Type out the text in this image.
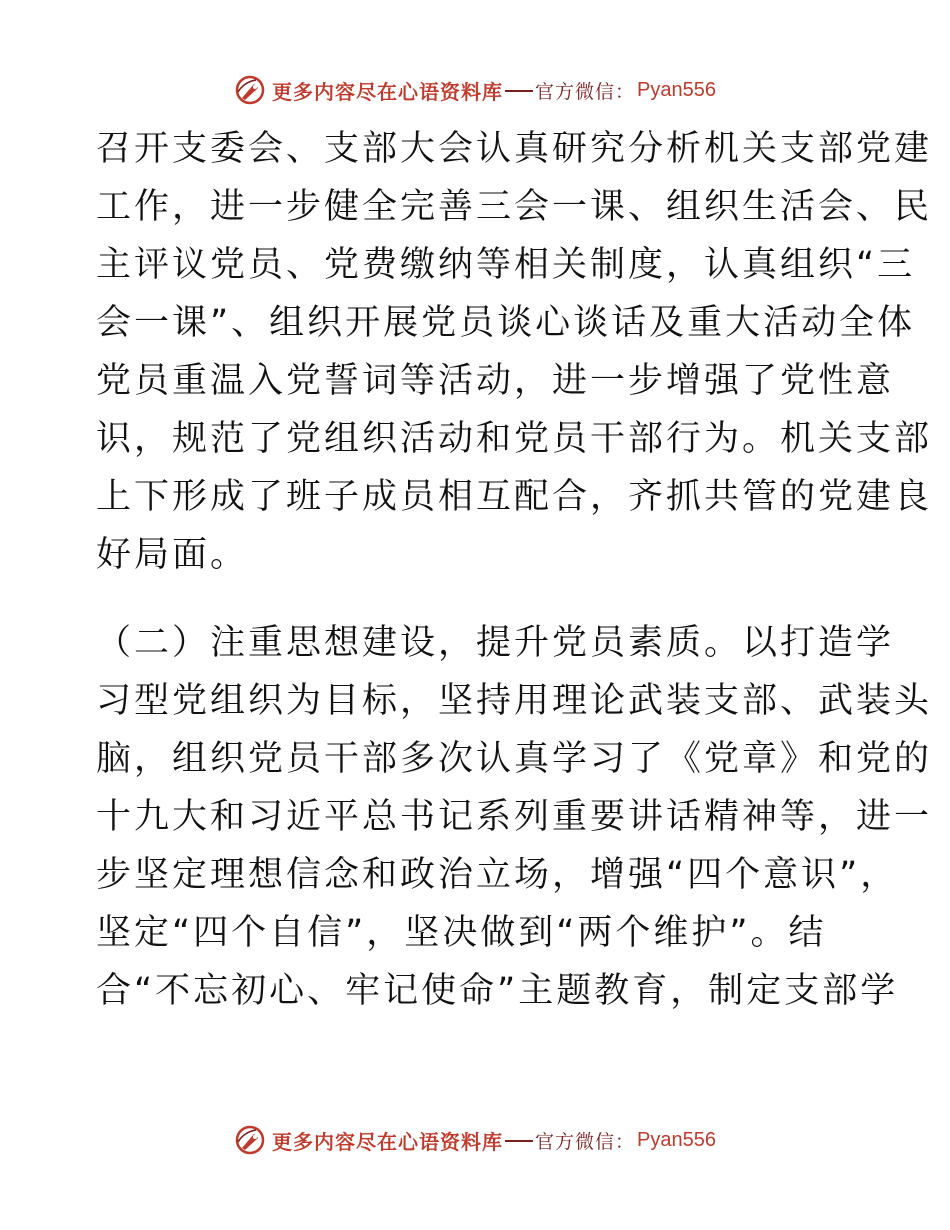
更多内容尽在心语资料库 官方微信： Pyan556
召开支委会、支部大会认真研究分析机关支部党建
工作，进一步健全完善三会一课、组织生活会、民
主评议党员、党费缴纳等相关制度，认真组织“三
会一课”、组织开展党员谈心谈话及重大活动全体
党员重温入党誓词等活动，进一步增强了党性意
识，规范了党组织活动和党员干部行为。机关支部
上下形成了班子成员相互配合，齐抓共管的党建良
好局面。
（二）注重思想建设，提升党员素质。以打造学
习型党组织为目标，坚持用理论武装支部、武装头
脑，组织党员干部多次认真学习了《党章》和党的
十九大和习近平总书记系列重要讲话精神等，进一
步坚定理想信念和政治立场，增强“四个意识”，
坚定“四个自信”，坚决做到“两个维护”。结
合“不忘初心、牢记使命”主题教育，制定支部学
更多内容尽在心语资料库 官方微信： Pyan556
